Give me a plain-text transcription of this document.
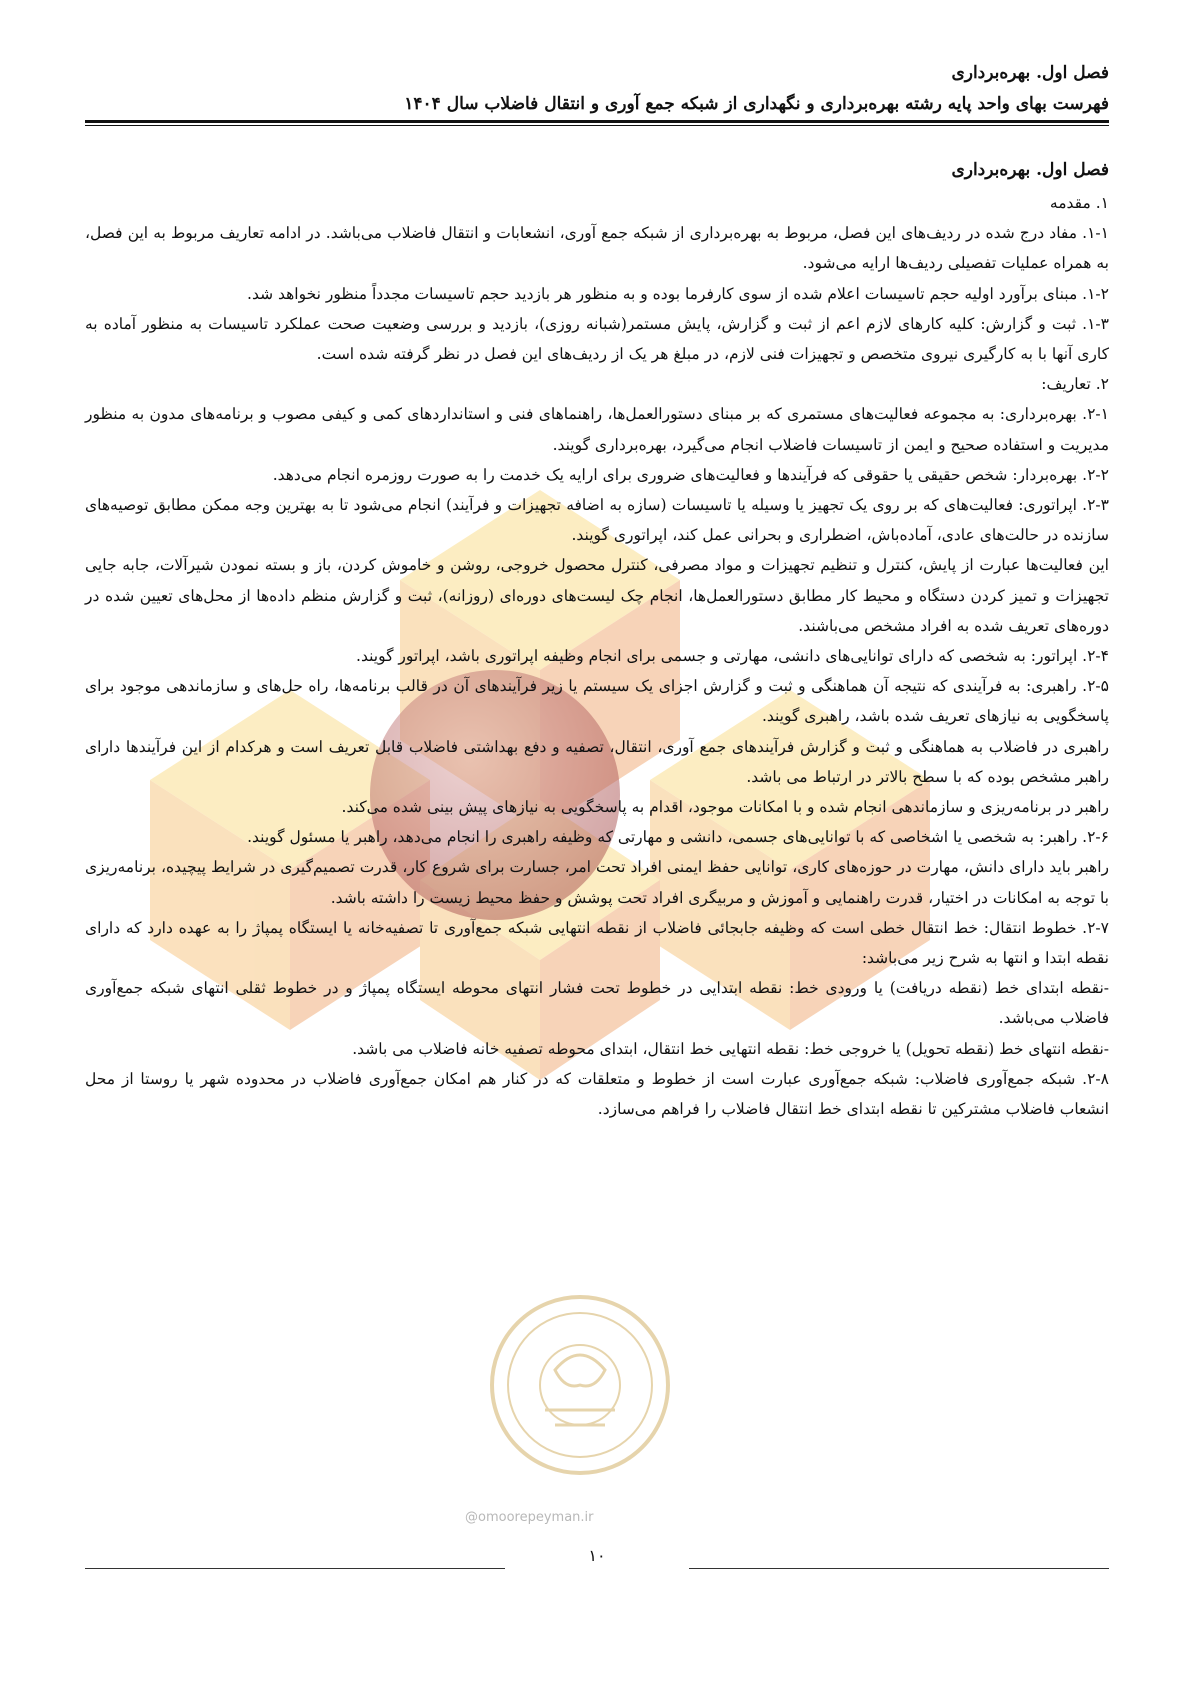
فصل اول. بهره‌برداری
فهرست بهای واحد پایه رشته بهره‌برداری و نگهداری از شبکه جمع آوری و انتقال فاضلاب سال ۱۴۰۴
فصل اول. بهره‌برداری

۱. مقدمه

۱-۱. مفاد درج شده در ردیف‌های این فصل، مربوط به بهره‌برداری از شبکه جمع آوری، انشعابات و انتقال فاضلاب می‌باشد. در ادامه تعاریف مربوط به این فصل، به همراه عملیات تفصیلی ردیف‌ها ارایه می‌شود.

۱-۲. مبنای برآورد اولیه حجم تاسیسات اعلام شده از سوی کارفرما بوده و به منظور هر بازدید حجم تاسیسات مجدداً منظور نخواهد شد.

۱-۳. ثبت و گزارش: کلیه کارهای لازم اعم از ثبت و گزارش، پایش مستمر(شبانه روزی)، بازدید و بررسی وضعیت صحت عملکرد تاسیسات به منظور آماده به کاری آنها با به کارگیری نیروی متخصص و تجهیزات فنی لازم، در مبلغ هر یک از ردیف‌های این فصل در نظر گرفته شده است.

۲. تعاریف:

۲-۱. بهره‌برداری: به مجموعه فعالیت‌های مستمری که بر مبنای دستورالعمل‌ها، راهنماهای فنی و استانداردهای کمی و کیفی مصوب و برنامه‌های مدون به منظور مدیریت و استفاده صحیح و ایمن از تاسیسات فاضلاب انجام می‌گیرد، بهره‌برداری گویند.

۲-۲. بهره‌بردار: شخص حقیقی یا حقوقی که فرآیندها و فعالیت‌های ضروری برای ارایه یک خدمت را به صورت روزمره انجام می‌دهد.

۲-۳. اپراتوری: فعالیت‌های که بر روی یک تجهیز یا وسیله یا تاسیسات (سازه به اضافه تجهیزات و فرآیند) انجام می‌شود تا به بهترین وجه ممکن مطابق توصیه‌های سازنده در حالت‌های عادی، آماده‌باش، اضطراری و بحرانی عمل کند، اپراتوری گویند.

این فعالیت‌ها عبارت از پایش، کنترل و تنظیم تجهیزات و مواد مصرفی، کنترل محصول خروجی، روشن و خاموش کردن، باز و بسته نمودن شیرآلات، جابه جایی تجهیزات و تمیز کردن دستگاه و محیط کار مطابق دستورالعمل‌ها، انجام چک لیست‌های دوره‌ای (روزانه)، ثبت و گزارش منظم داده‌ها از محل‌های تعیین شده در دوره‌های تعریف شده به افراد مشخص می‌باشند.

۲-۴. اپراتور: به شخصی که دارای توانایی‌های دانشی، مهارتی و جسمی برای انجام وظیفه اپراتوری باشد، اپراتور گویند.

۲-۵. راهبری: به فرآیندی که نتیجه آن هماهنگی و ثبت و گزارش اجزای یک سیستم یا زیر فرآیندهای آن در قالب برنامه‌ها، راه حل‌های و سازماندهی موجود برای پاسخگویی به نیازهای تعریف شده باشد، راهبری گویند.

راهبری در فاضلاب به هماهنگی و ثبت و گزارش فرآیندهای جمع آوری، انتقال، تصفیه و دفع بهداشتی فاضلاب قابل تعریف است و هرکدام از این فرآیندها دارای راهبر مشخص بوده که با سطح بالاتر در ارتباط می باشد.

راهبر در برنامه‌ریزی و سازماندهی انجام شده و با امکانات موجود، اقدام به پاسخگویی به نیازهای پیش بینی شده می‌کند.

۲-۶. راهبر: به شخصی یا اشخاصی که با توانایی‌های جسمی، دانشی و مهارتی که وظیفه راهبری را انجام می‌دهد، راهبر یا مسئول گویند.

راهبر باید دارای دانش، مهارت در حوزه‌های کاری، توانایی حفظ ایمنی افراد تحت امر، جسارت برای شروع کار، قدرت تصمیم‌گیری در شرایط پیچیده، برنامه‌ریزی با توجه به امکانات در اختیار، قدرت راهنمایی و آموزش و مربیگری افراد تحت پوشش و حفظ محیط زیست را داشته باشد.

۲-۷. خطوط انتقال: خط انتقال خطی است که وظیفه جابجائی فاضلاب از نقطه انتهایی شبکه جمع‌آوری تا تصفیه‌خانه یا ایستگاه پمپاژ را به عهده دارد که دارای نقطه ابتدا و انتها به شرح زیر می‌باشد:

-نقطه ابتدای خط (نقطه دریافت) یا ورودی خط: نقطه ابتدایی در خطوط تحت فشار انتهای محوطه ایستگاه پمپاژ و در خطوط ثقلی انتهای شبکه جمع‌آوری فاضلاب می‌باشد.

-نقطه انتهای خط (نقطه تحویل) یا خروجی خط: نقطه انتهایی خط انتقال، ابتدای محوطه تصفیه خانه فاضلاب می باشد.

۲-۸. شبکه جمع‌آوری فاضلاب: شبکه جمع‌آوری عبارت است از خطوط و متعلقات که در کنار هم امکان جمع‌آوری فاضلاب در محدوده شهر یا روستا از محل انشعاب فاضلاب مشترکین تا نقطه ابتدای خط انتقال فاضلاب را فراهم می‌سازد.

@omoorepeyman.ir
۱۰
